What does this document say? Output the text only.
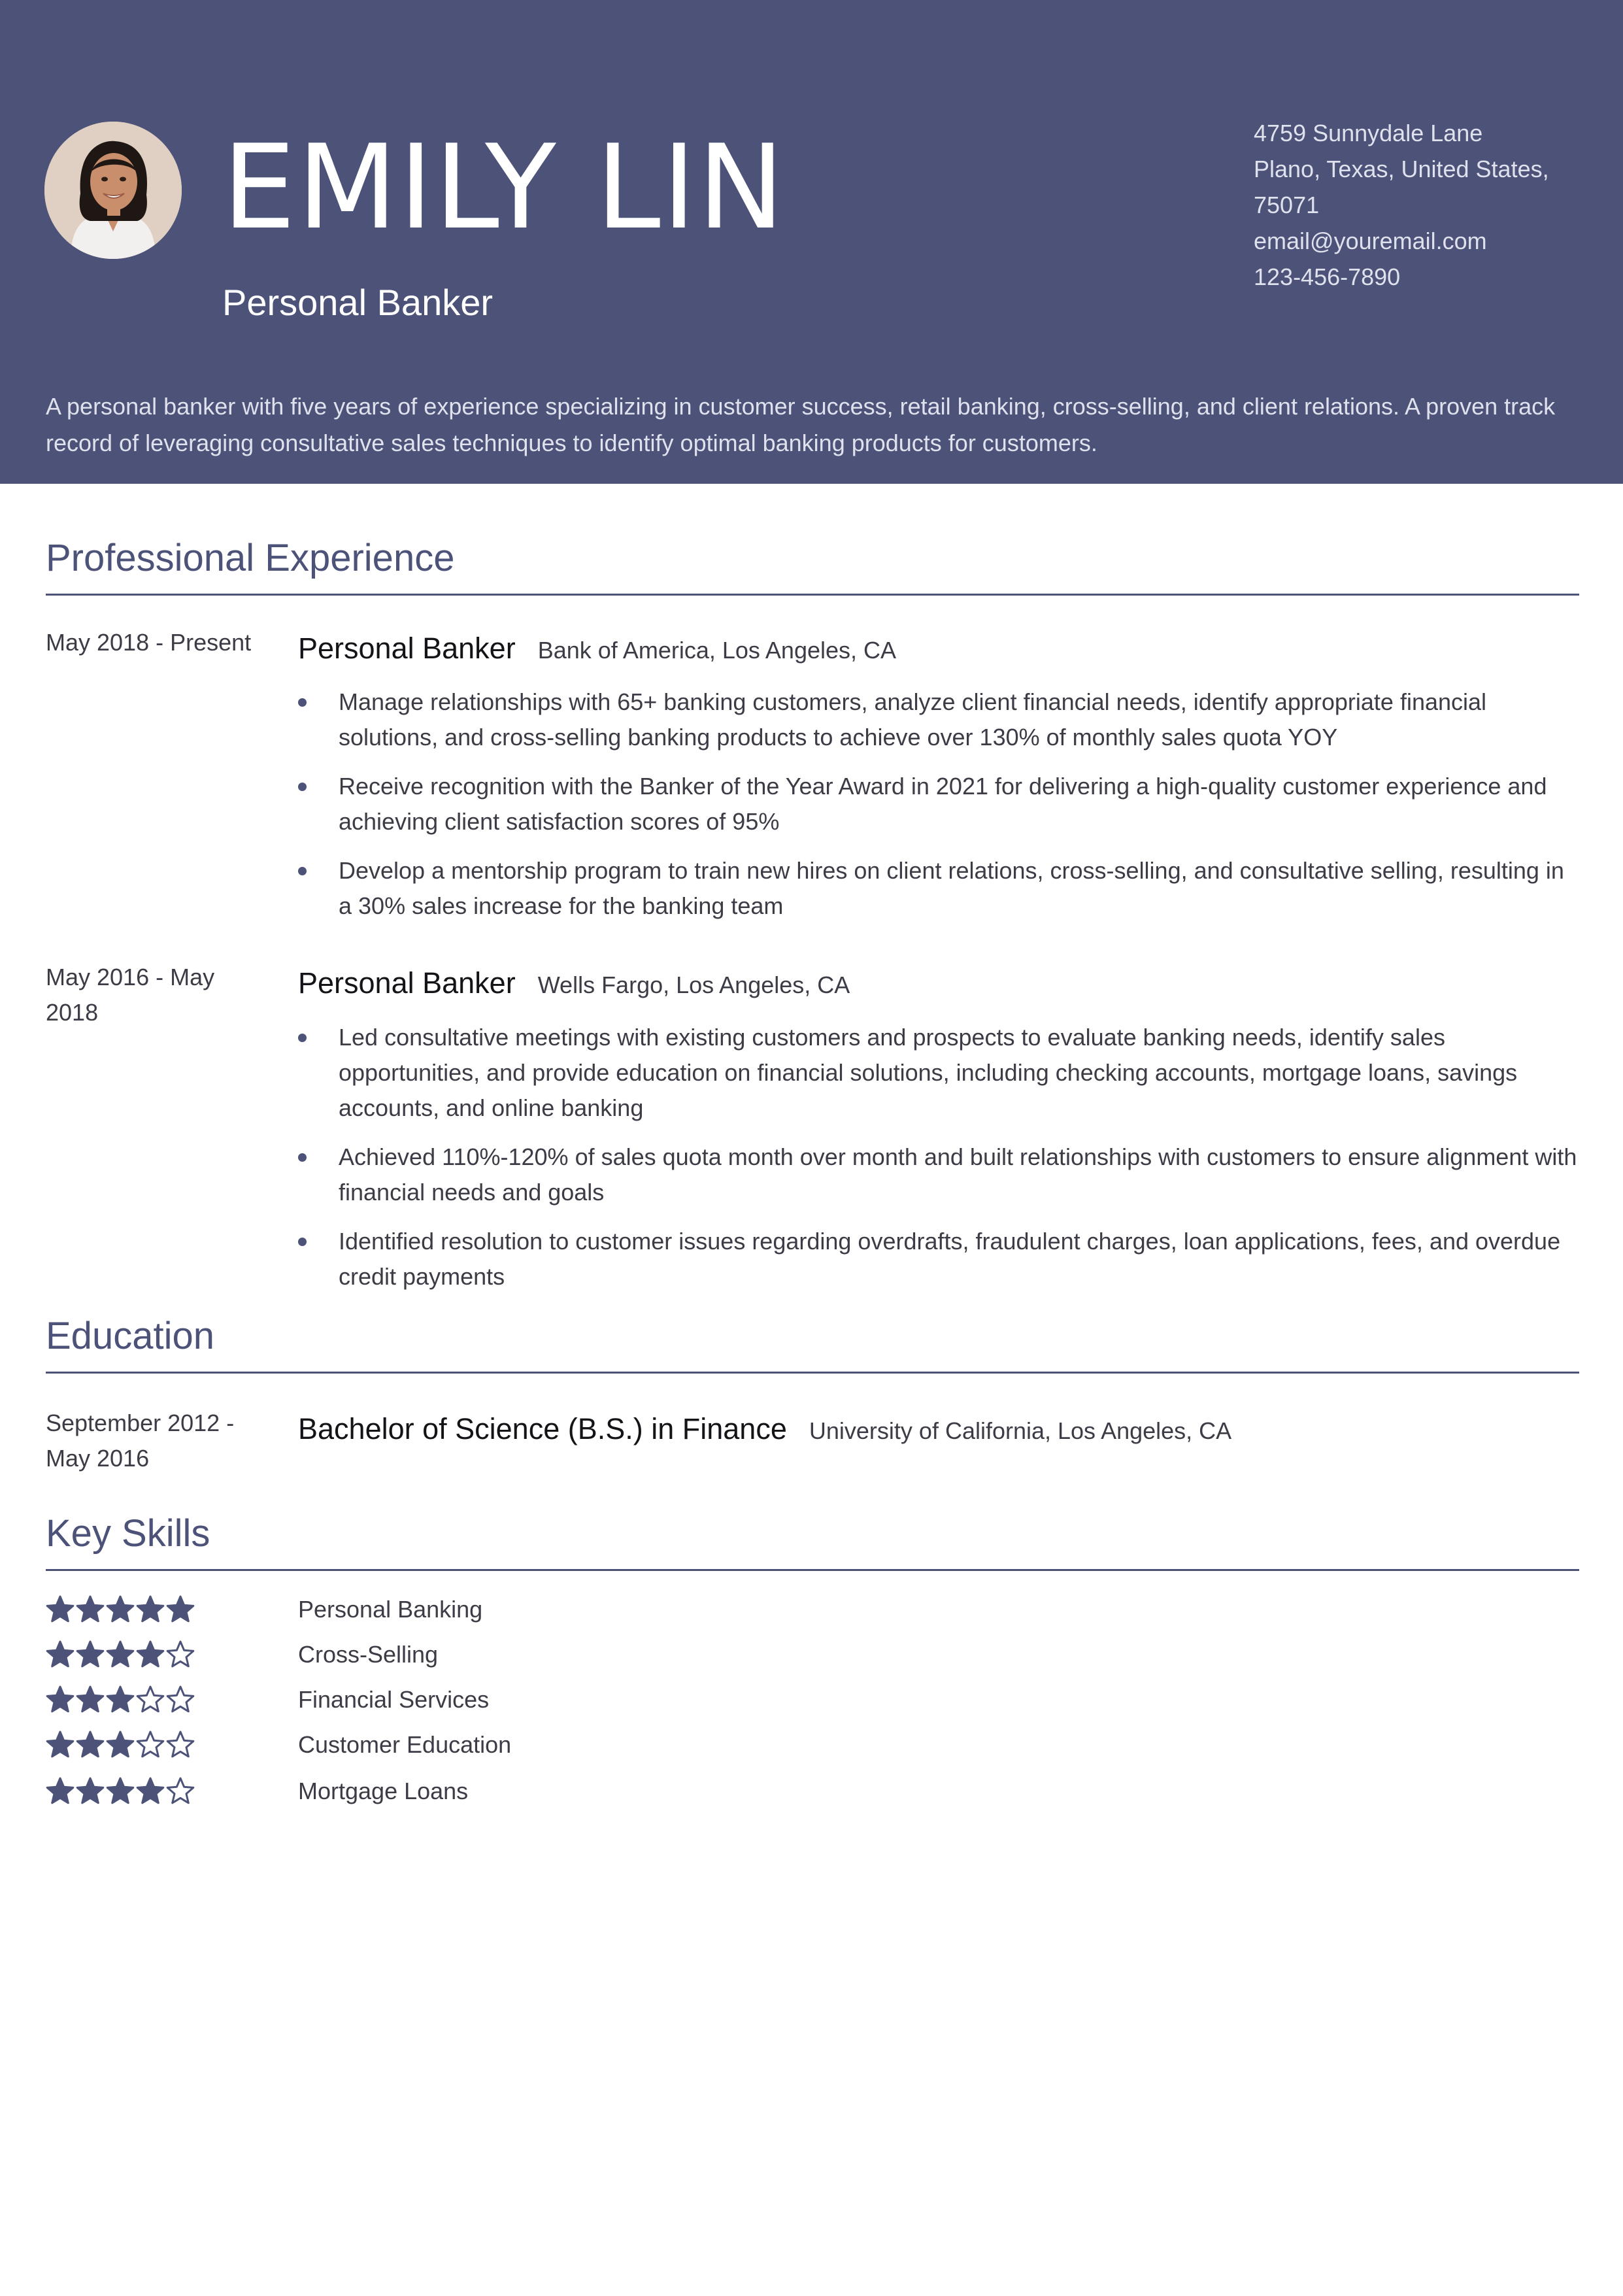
EMILY LIN
Personal Banker
4759 Sunnydale Lane
Plano, Texas, United States,
75071
email@youremail.com
123-456-7890

A personal banker with five years of experience specializing in customer success, retail banking, cross-selling, and client relations. A proven track record of leveraging consultative sales techniques to identify optimal banking products for customers.

Professional Experience
May 2018 - Present	Personal Banker Bank of America, Los Angeles, CA
Manage relationships with 65+ banking customers, analyze client financial needs, identify appropriate financial solutions, and cross-selling banking products to achieve over 130% of monthly sales quota YOY
Receive recognition with the Banker of the Year Award in 2021 for delivering a high-quality customer experience and achieving client satisfaction scores of 95%
Develop a mentorship program to train new hires on client relations, cross-selling, and consultative selling, resulting in a 30% sales increase for the banking team
May 2016 - May 2018
Personal Banker Wells Fargo, Los Angeles, CA
Led consultative meetings with existing customers and prospects to evaluate banking needs, identify sales opportunities, and provide education on financial solutions, including checking accounts, mortgage loans, savings accounts, and online banking
Achieved 110%-120% of sales quota month over month and built relationships with customers to ensure alignment with financial needs and goals
Identified resolution to customer issues regarding overdrafts, fraudulent charges, loan applications, fees, and overdue credit payments
Education
September 2012 - May 2016
Bachelor of Science (B.S.) in Finance University of California, Los Angeles, CA
Key Skills
Personal Banking
Cross-Selling
Financial Services
Customer Education
Mortgage Loans
